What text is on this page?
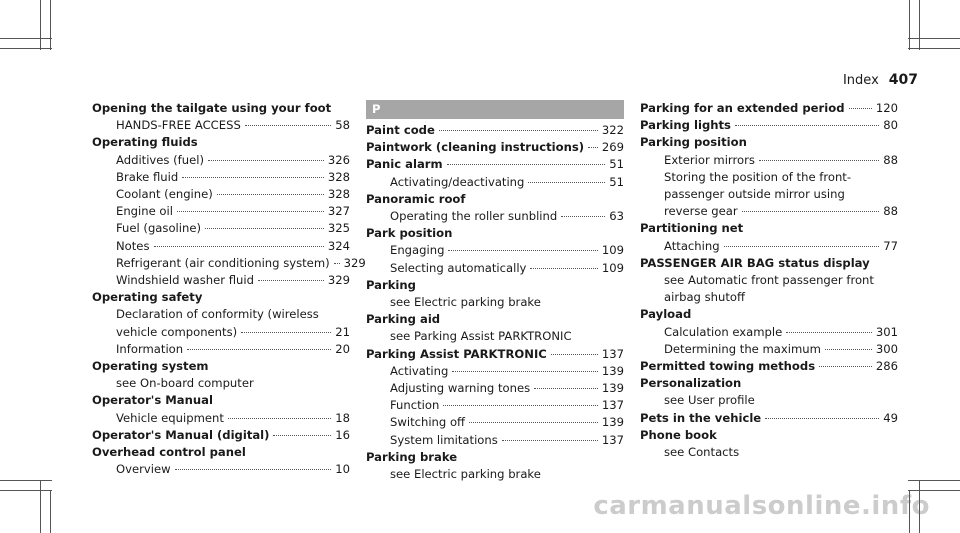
Index 407
Opening the tailgate using your foot
HANDS-FREE ACCESS	58
Operating fluids
Additives (fuel)	326
Brake fluid	328
Coolant (engine)	328
Engine oil	327
Fuel (gasoline)	325
Notes	324
Refrigerant (air conditioning system) 329
Windshield washer fluid	329
Operating safety
Declaration of conformity (wireless
vehicle components)	21
Information	20
Operating system
see On-board computer
Operator's Manual
Vehicle equipment	18
Operator's Manual (digital)	16
Overhead control panel
Overview	10
P
Paint code	322
Paintwork (cleaning instructions) 269
Panic alarm	51
Activating/deactivating	51
Panoramic roof
Operating the roller sunblind	63
Park position
Engaging	109
Selecting automatically	109
Parking
see Electric parking brake
Parking aid
see Parking Assist PARKTRONIC
Parking Assist PARKTRONIC	137
Activating	139
Adjusting warning tones	139
Function	137
Switching off	139
System limitations	137
Parking brake
see Electric parking brake
Parking for an extended period	120
Parking lights	80
Parking position
Exterior mirrors	88
Storing the position of the front-
passenger outside mirror using
reverse gear	88
Partitioning net
Attaching	77
PASSENGER AIR BAG status display
see Automatic front passenger front
airbag shutoff
Payload
Calculation example	301
Determining the maximum	300
Permitted towing methods	286
Personalization
see User profile
Pets in the vehicle	49
Phone book
see Contacts
carmanualsonline.info
